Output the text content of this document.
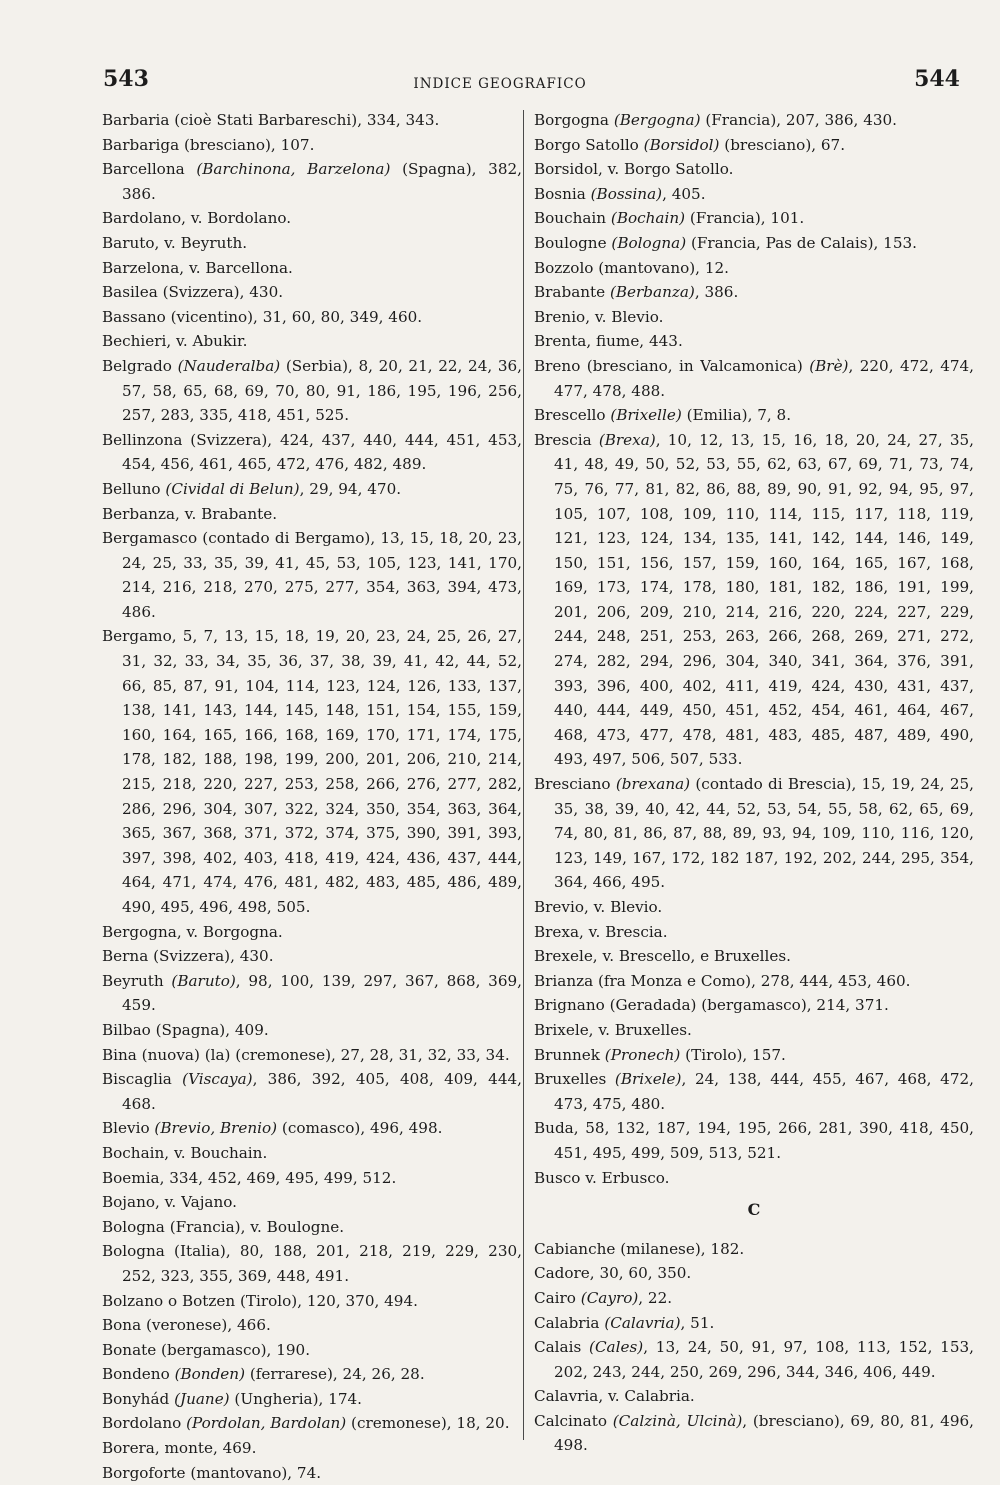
543	INDICE GEOGRAFICO	544

Barbaria (cioè Stati Barbareschi), 334, 343.

Barbariga (bresciano), 107.

Barcellona (Barchinona, Barzelona) (Spagna), 382, 386.

Bardolano, v. Bordolano.

Baruto, v. Beyruth.

Barzelona, v. Barcellona.

Basilea (Svizzera), 430.

Bassano (vicentino), 31, 60, 80, 349, 460.

Bechieri, v. Abukir.

Belgrado (Nauderalba) (Serbia), 8, 20, 21, 22, 24, 36, 57, 58, 65, 68, 69, 70, 80, 91, 186, 195, 196, 256, 257, 283, 335, 418, 451, 525.

Bellinzona (Svizzera), 424, 437, 440, 444, 451, 453, 454, 456, 461, 465, 472, 476, 482, 489.

Belluno (Cividal di Belun), 29, 94, 470.

Berbanza, v. Brabante.

Bergamasco (contado di Bergamo), 13, 15, 18, 20, 23, 24, 25, 33, 35, 39, 41, 45, 53, 105, 123, 141, 170, 214, 216, 218, 270, 275, 277, 354, 363, 394, 473, 486.

Bergamo, 5, 7, 13, 15, 18, 19, 20, 23, 24, 25, 26, 27, 31, 32, 33, 34, 35, 36, 37, 38, 39, 41, 42, 44, 52, 66, 85, 87, 91, 104, 114, 123, 124, 126, 133, 137, 138, 141, 143, 144, 145, 148, 151, 154, 155, 159, 160, 164, 165, 166, 168, 169, 170, 171, 174, 175, 178, 182, 188, 198, 199, 200, 201, 206, 210, 214, 215, 218, 220, 227, 253, 258, 266, 276, 277, 282, 286, 296, 304, 307, 322, 324, 350, 354, 363, 364, 365, 367, 368, 371, 372, 374, 375, 390, 391, 393, 397, 398, 402, 403, 418, 419, 424, 436, 437, 444, 464, 471, 474, 476, 481, 482, 483, 485, 486, 489, 490, 495, 496, 498, 505.

Bergogna, v. Borgogna.

Berna (Svizzera), 430.

Beyruth (Baruto), 98, 100, 139, 297, 367, 868, 369, 459.

Bilbao (Spagna), 409.

Bina (nuova) (la) (cremonese), 27, 28, 31, 32, 33, 34.

Biscaglia (Viscaya), 386, 392, 405, 408, 409, 444, 468.

Blevio (Brevio, Brenio) (comasco), 496, 498.

Bochain, v. Bouchain.

Boemia, 334, 452, 469, 495, 499, 512.

Bojano, v. Vajano.

Bologna (Francia), v. Boulogne.

Bologna (Italia), 80, 188, 201, 218, 219, 229, 230, 252, 323, 355, 369, 448, 491.

Bolzano o Botzen (Tirolo), 120, 370, 494.

Bona (veronese), 466.

Bonate (bergamasco), 190.

Bondeno (Bonden) (ferrarese), 24, 26, 28.

Bonyhád (Juane) (Ungheria), 174.

Bordolano (Pordolan, Bardolan) (cremonese), 18, 20.

Borera, monte, 469.

Borgoforte (mantovano), 74.

Borgogna (Bergogna) (Francia), 207, 386, 430.

Borgo Satollo (Borsidol) (bresciano), 67.

Borsidol, v. Borgo Satollo.

Bosnia (Bossina), 405.

Bouchain (Bochain) (Francia), 101.

Boulogne (Bologna) (Francia, Pas de Calais), 153.

Bozzolo (mantovano), 12.

Brabante (Berbanza), 386.

Brenio, v. Blevio.

Brenta, fiume, 443.

Breno (bresciano, in Valcamonica) (Brè), 220, 472, 474, 477, 478, 488.

Brescello (Brixelle) (Emilia), 7, 8.

Brescia (Brexa), 10, 12, 13, 15, 16, 18, 20, 24, 27, 35, 41, 48, 49, 50, 52, 53, 55, 62, 63, 67, 69, 71, 73, 74, 75, 76, 77, 81, 82, 86, 88, 89, 90, 91, 92, 94, 95, 97, 105, 107, 108, 109, 110, 114, 115, 117, 118, 119, 121, 123, 124, 134, 135, 141, 142, 144, 146, 149, 150, 151, 156, 157, 159, 160, 164, 165, 167, 168, 169, 173, 174, 178, 180, 181, 182, 186, 191, 199, 201, 206, 209, 210, 214, 216, 220, 224, 227, 229, 244, 248, 251, 253, 263, 266, 268, 269, 271, 272, 274, 282, 294, 296, 304, 340, 341, 364, 376, 391, 393, 396, 400, 402, 411, 419, 424, 430, 431, 437, 440, 444, 449, 450, 451, 452, 454, 461, 464, 467, 468, 473, 477, 478, 481, 483, 485, 487, 489, 490, 493, 497, 506, 507, 533.

Bresciano (brexana) (contado di Brescia), 15, 19, 24, 25, 35, 38, 39, 40, 42, 44, 52, 53, 54, 55, 58, 62, 65, 69, 74, 80, 81, 86, 87, 88, 89, 93, 94, 109, 110, 116, 120, 123, 149, 167, 172, 182 187, 192, 202, 244, 295, 354, 364, 466, 495.

Brevio, v. Blevio.

Brexa, v. Brescia.

Brexele, v. Brescello, e Bruxelles.

Brianza (fra Monza e Como), 278, 444, 453, 460.

Brignano (Geradada) (bergamasco), 214, 371.

Brixele, v. Bruxelles.

Brunnek (Pronech) (Tirolo), 157.

Bruxelles (Brixele), 24, 138, 444, 455, 467, 468, 472, 473, 475, 480.

Buda, 58, 132, 187, 194, 195, 266, 281, 390, 418, 450, 451, 495, 499, 509, 513, 521.

Busco v. Erbusco.

C

Cabianche (milanese), 182.

Cadore, 30, 60, 350.

Cairo (Cayro), 22.

Calabria (Calavria), 51.

Calais (Cales), 13, 24, 50, 91, 97, 108, 113, 152, 153, 202, 243, 244, 250, 269, 296, 344, 346, 406, 449.

Calavria, v. Calabria.

Calcinato (Calzinà, Ulcinà), (bresciano), 69, 80, 81, 496, 498.
